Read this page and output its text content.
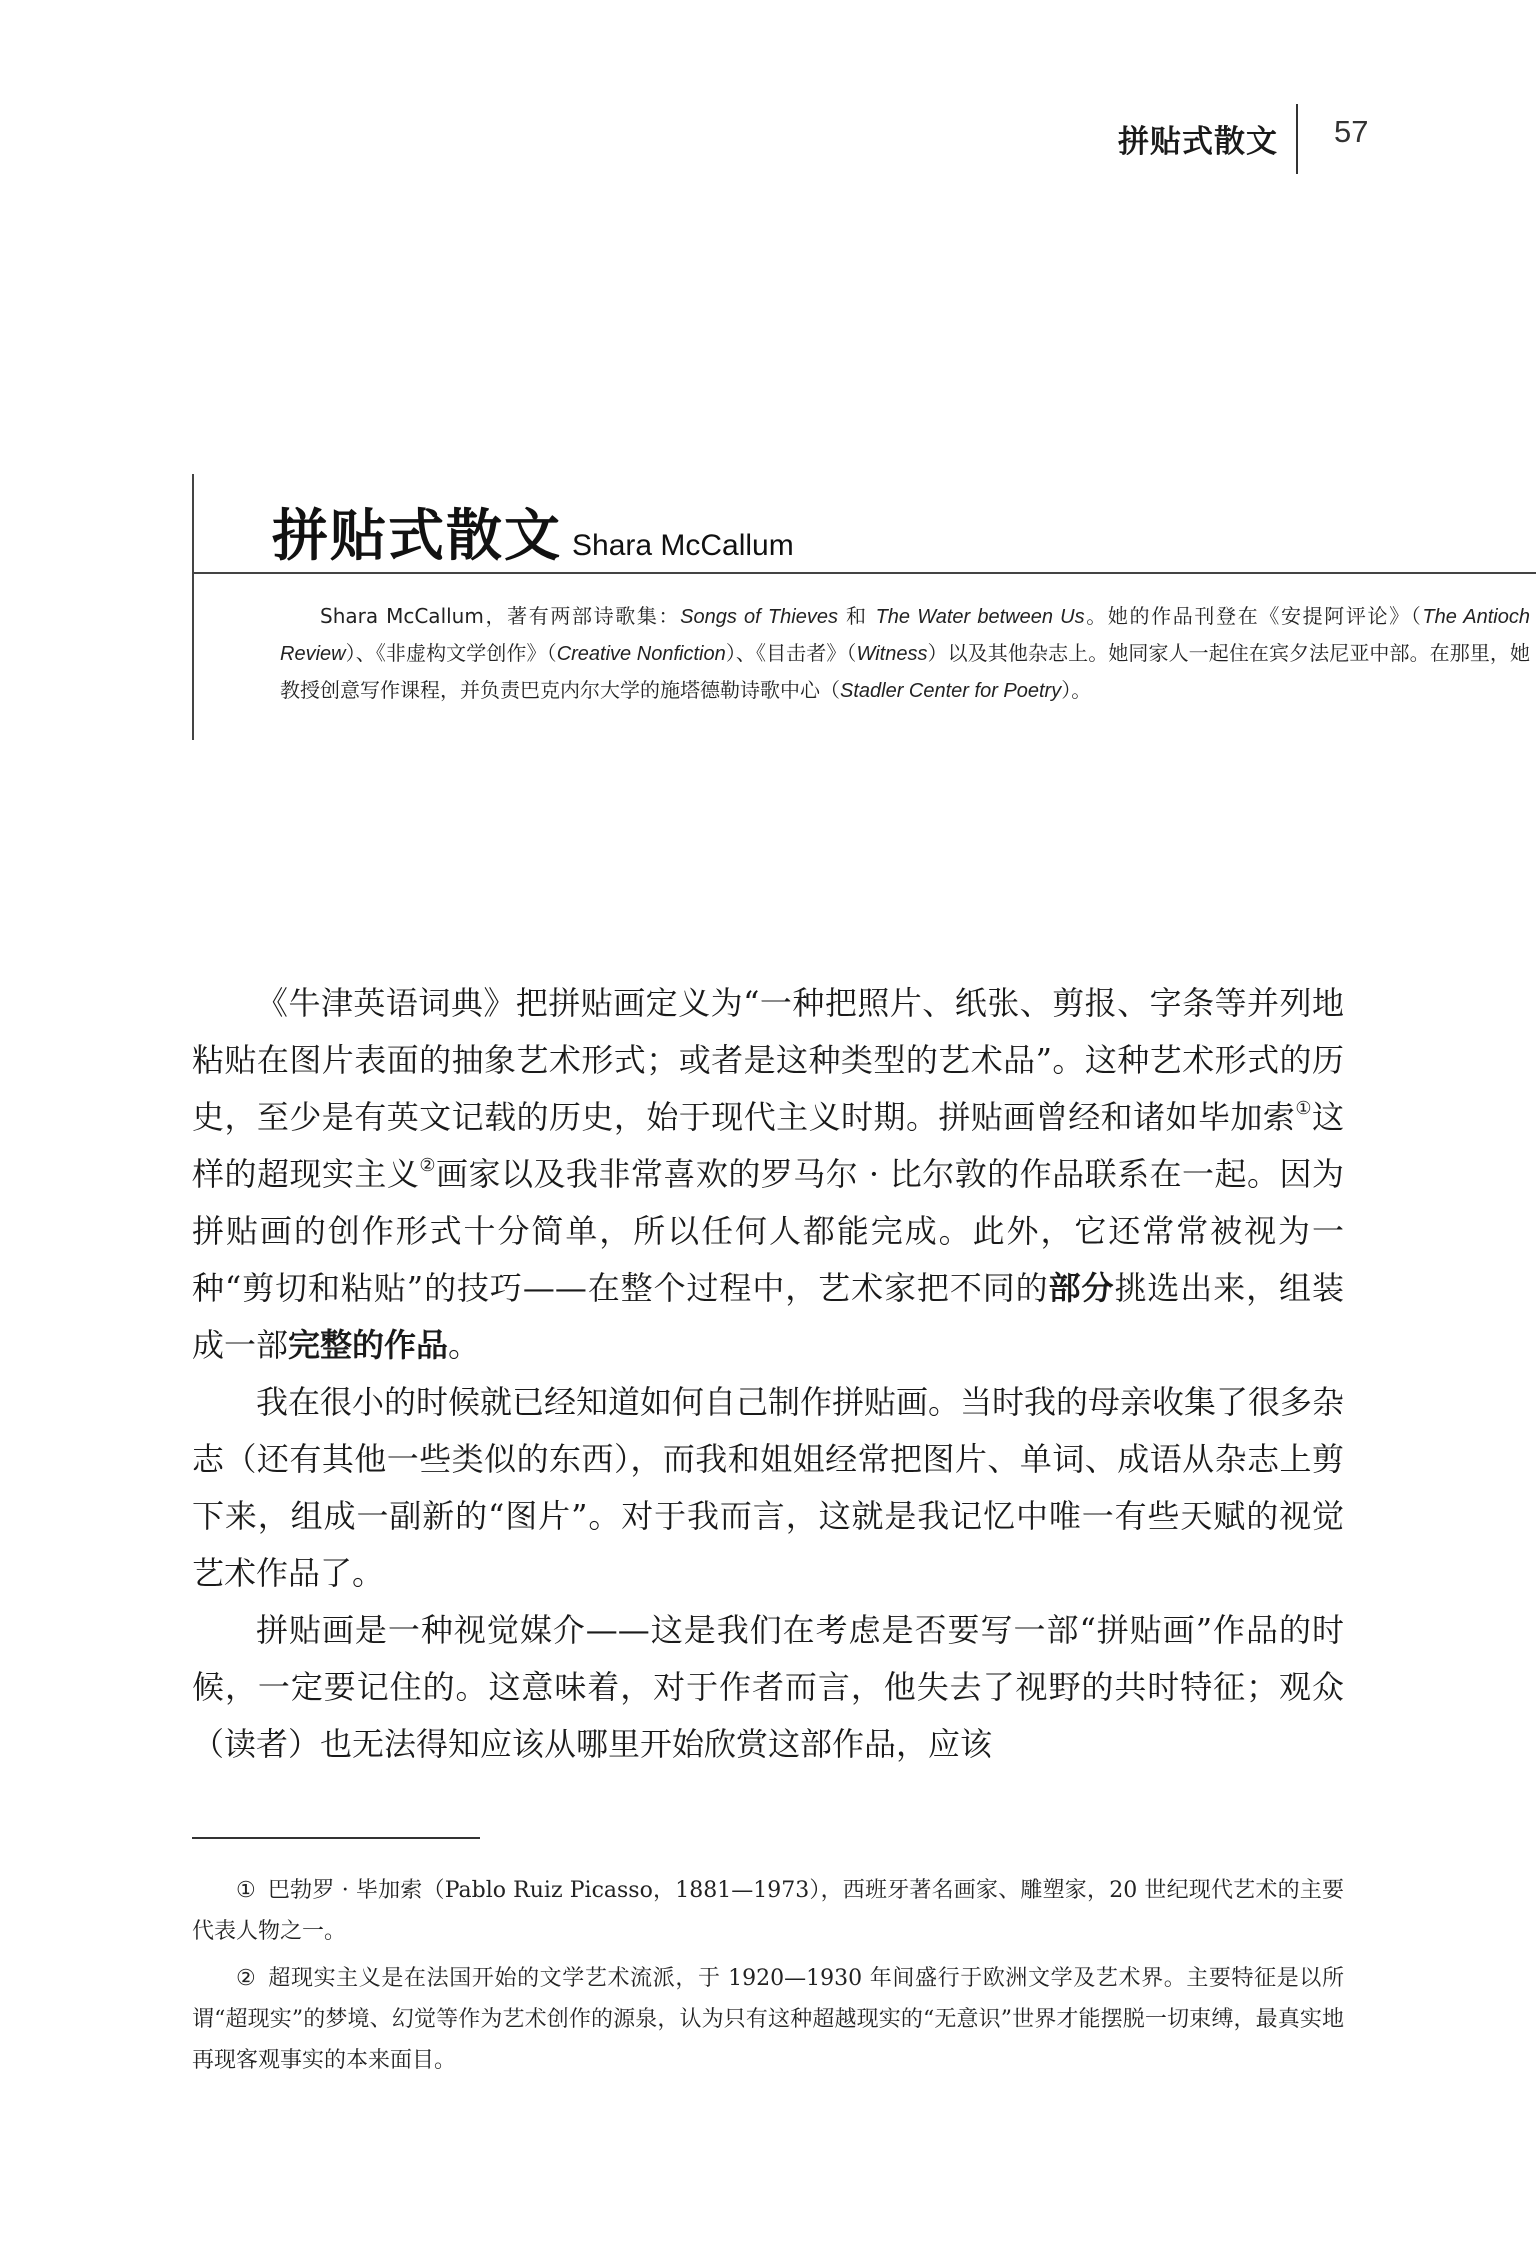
拼贴式散文 57
拼贴式散文 Shara McCallum
Shara McCallum，著有两部诗歌集：Songs of Thieves 和 The Water between Us。她的作品刊登在《安提阿评论》（The Antioch Review）、《非虚构文学创作》（Creative Nonfiction）、《目击者》（Witness）以及其他杂志上。她同家人一起住在宾夕法尼亚中部。在那里，她教授创意写作课程，并负责巴克内尔大学的施塔德勒诗歌中心（Stadler Center for Poetry）。

《牛津英语词典》把拼贴画定义为“一种把照片、纸张、剪报、字条等并列地粘贴在图片表面的抽象艺术形式；或者是这种类型的艺术品”。这种艺术形式的历史，至少是有英文记载的历史，始于现代主义时期。拼贴画曾经和诸如毕加索①这样的超现实主义②画家以及我非常喜欢的罗马尔 · 比尔敦的作品联系在一起。因为拼贴画的创作形式十分简单，所以任何人都能完成。此外，它还常常被视为一种“剪切和粘贴”的技巧——在整个过程中，艺术家把不同的部分挑选出来，组装成一部完整的作品。

我在很小的时候就已经知道如何自己制作拼贴画。当时我的母亲收集了很多杂志（还有其他一些类似的东西），而我和姐姐经常把图片、单词、成语从杂志上剪下来，组成一副新的“图片”。对于我而言，这就是我记忆中唯一有些天赋的视觉艺术作品了。

拼贴画是一种视觉媒介——这是我们在考虑是否要写一部“拼贴画”作品的时候，一定要记住的。这意味着，对于作者而言，他失去了视野的共时特征；观众（读者）也无法得知应该从哪里开始欣赏这部作品，应该

① 巴勃罗 · 毕加索（Pablo Ruiz Picasso，1881—1973），西班牙著名画家、雕塑家，20 世纪现代艺术的主要代表人物之一。

② 超现实主义是在法国开始的文学艺术流派，于 1920—1930 年间盛行于欧洲文学及艺术界。主要特征是以所谓“超现实”的梦境、幻觉等作为艺术创作的源泉，认为只有这种超越现实的“无意识”世界才能摆脱一切束缚，最真实地再现客观事实的本来面目。
